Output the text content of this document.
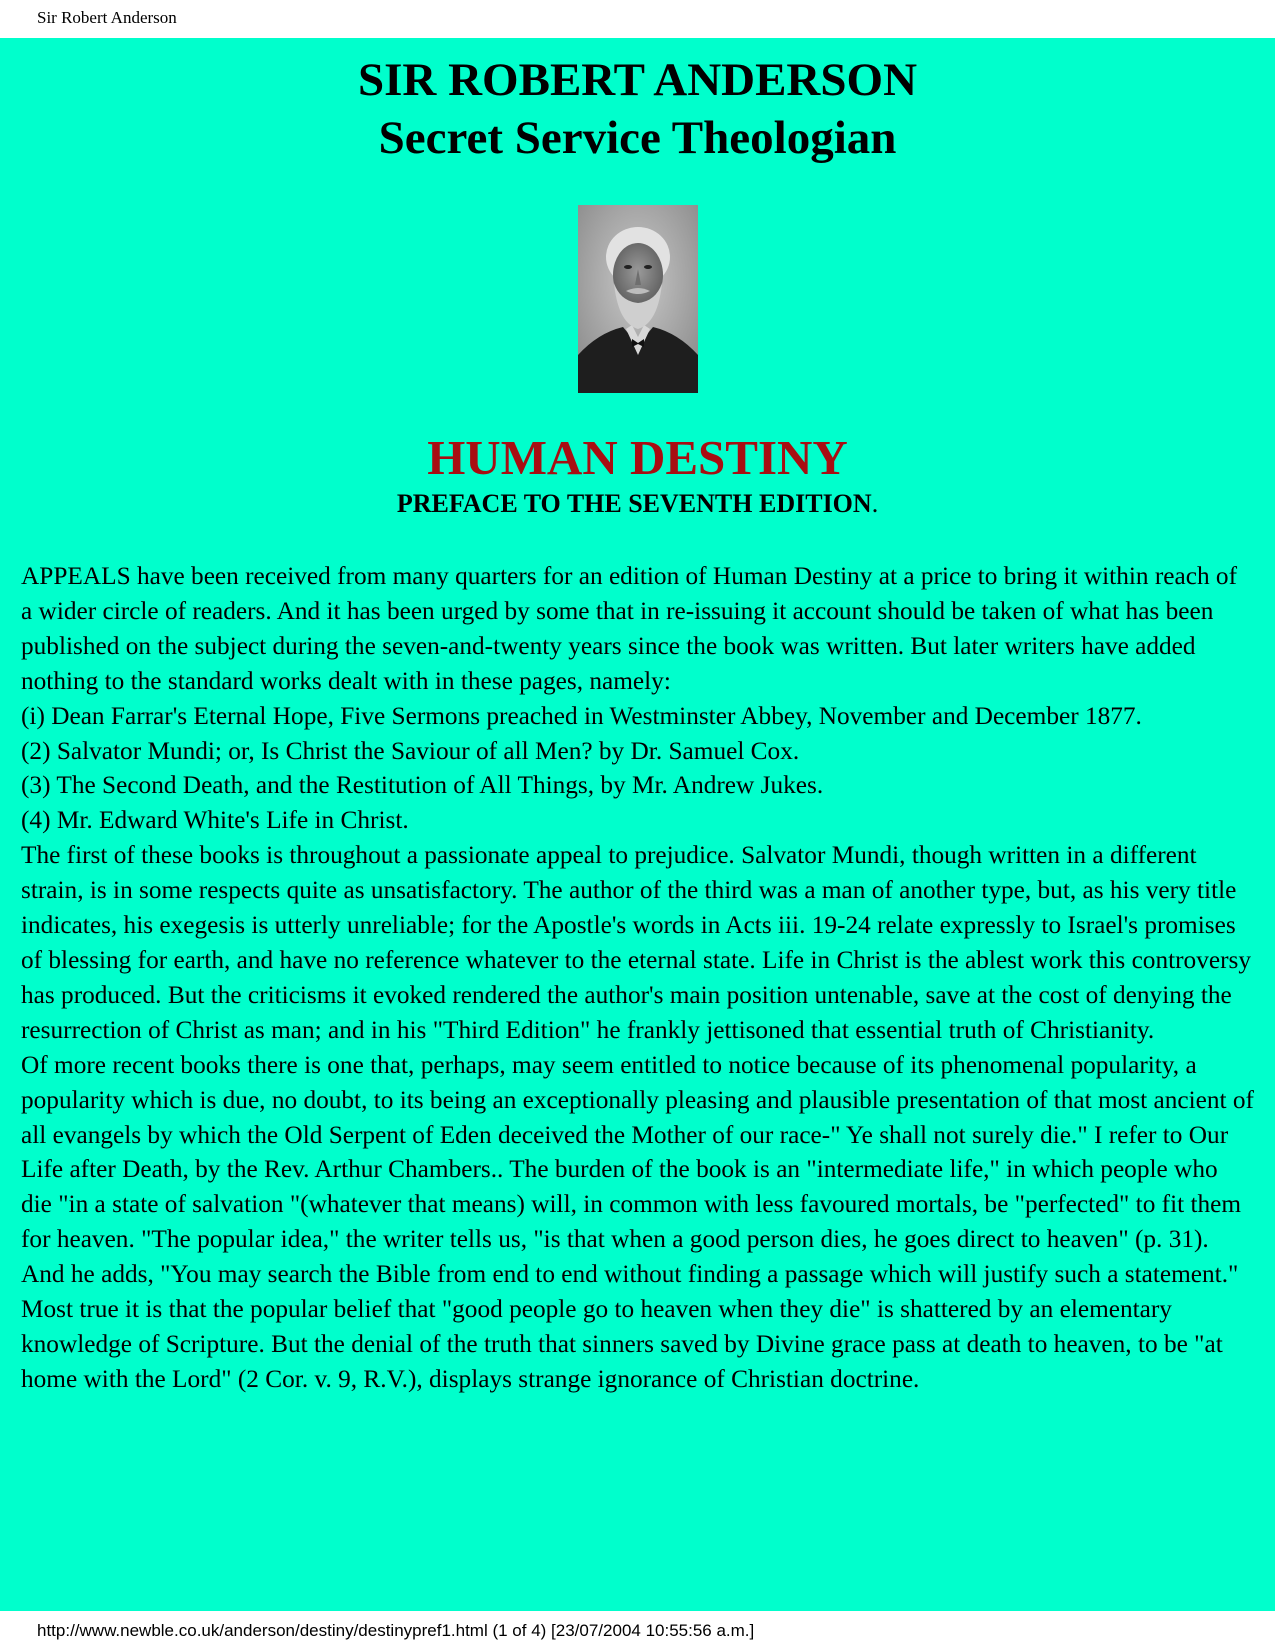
Sir Robert Anderson
SIR ROBERT ANDERSON
Secret Service Theologian
HUMAN DESTINY
PREFACE TO THE SEVENTH EDITION.

APPEALS have been received from many quarters for an edition of Human Destiny at a price to bring it within reach of a wider circle of readers. And it has been urged by some that in re-issuing it account should be taken of what has been published on the subject during the seven-and-twenty years since the book was written. But later writers have added nothing to the standard works dealt with in these pages, namely:

(i) Dean Farrar's Eternal Hope, Five Sermons preached in Westminster Abbey, November and December 1877.

(2) Salvator Mundi; or, Is Christ the Saviour of all Men? by Dr. Samuel Cox.

(3) The Second Death, and the Restitution of All Things, by Mr. Andrew Jukes.

(4) Mr. Edward White's Life in Christ.

The first of these books is throughout a passionate appeal to prejudice. Salvator Mundi, though written in a different strain, is in some respects quite as unsatisfactory. The author of the third was a man of another type, but, as his very title indicates, his exegesis is utterly unreliable; for the Apostle's words in Acts iii. 19-24 relate expressly to Israel's promises of blessing for earth, and have no reference whatever to the eternal state. Life in Christ is the ablest work this controversy has produced. But the criticisms it evoked rendered the author's main position untenable, save at the cost of denying the resurrection of Christ as man; and in his "Third Edition" he frankly jettisoned that essential truth of Christianity.

Of more recent books there is one that, perhaps, may seem entitled to notice because of its phenomenal popularity, a popularity which is due, no doubt, to its being an exceptionally pleasing and plausible presentation of that most ancient of all evangels by which the Old Serpent of Eden deceived the Mother of our race-" Ye shall not surely die." I refer to Our Life after Death, by the Rev. Arthur Chambers.. The burden of the book is an "intermediate life," in which people who die "in a state of salvation "(whatever that means) will, in common with less favoured mortals, be "perfected" to fit them for heaven. "The popular idea," the writer tells us, "is that when a good person dies, he goes direct to heaven" (p. 31). And he adds, "You may search the Bible from end to end without finding a passage which will justify such a statement." Most true it is that the popular belief that "good people go to heaven when they die" is shattered by an elementary knowledge of Scripture. But the denial of the truth that sinners saved by Divine grace pass at death to heaven, to be "at home with the Lord" (2 Cor. v. 9, R.V.), displays strange ignorance of Christian doctrine.

http://www.newble.co.uk/anderson/destiny/destinypref1.html (1 of 4) [23/07/2004 10:55:56 a.m.]
